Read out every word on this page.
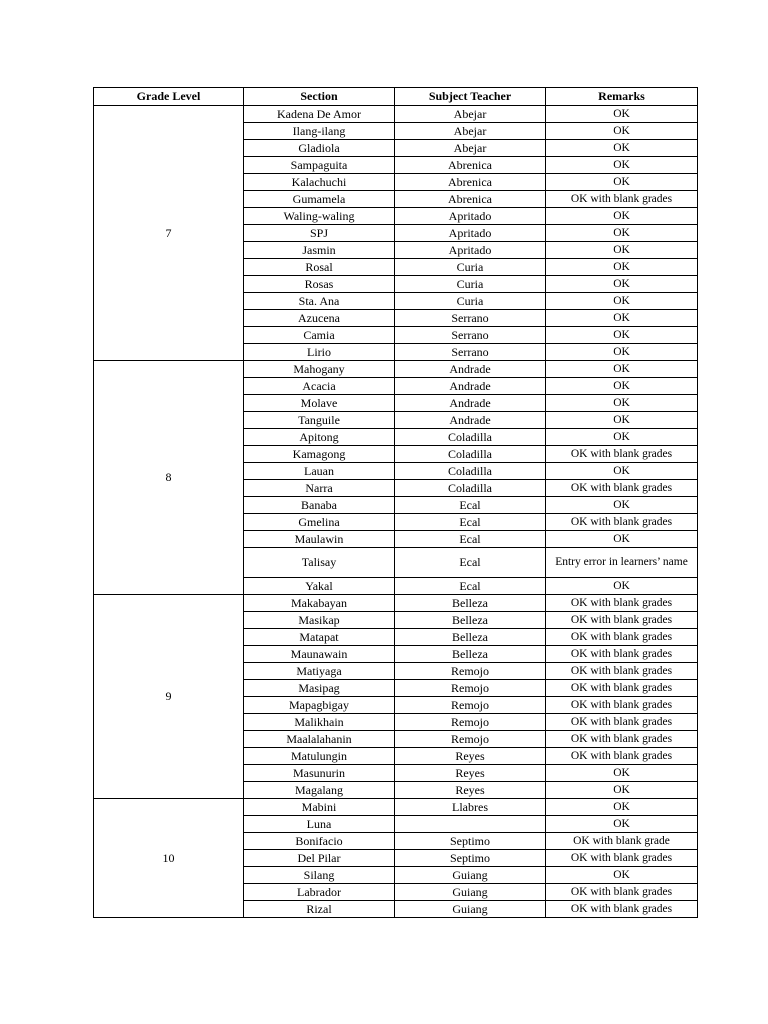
Grade Level	Section	Subject Teacher	Remarks
7	Kadena De Amor	Abejar	OK
	Ilang-ilang	Abejar	OK
	Gladiola	Abejar	OK
	Sampaguita	Abrenica	OK
	Kalachuchi	Abrenica	OK
	Gumamela	Abrenica	OK with blank grades
	Waling-waling	Apritado	OK
	SPJ	Apritado	OK
	Jasmin	Apritado	OK
	Rosal	Curia	OK
	Rosas	Curia	OK
	Sta. Ana	Curia	OK
	Azucena	Serrano	OK
	Camia	Serrano	OK
	Lirio	Serrano	OK
8	Mahogany	Andrade	OK
	Acacia	Andrade	OK
	Molave	Andrade	OK
	Tanguile	Andrade	OK
	Apitong	Coladilla	OK
	Kamagong	Coladilla	OK with blank grades
	Lauan	Coladilla	OK
	Narra	Coladilla	OK with blank grades
	Banaba	Ecal	OK
	Gmelina	Ecal	OK with blank grades
	Maulawin	Ecal	OK
	Talisay	Ecal	Entry error in learners’ name
	Yakal	Ecal	OK
9	Makabayan	Belleza	OK with blank grades
	Masikap	Belleza	OK with blank grades
	Matapat	Belleza	OK with blank grades
	Maunawain	Belleza	OK with blank grades
	Matiyaga	Remojo	OK with blank grades
	Masipag	Remojo	OK with blank grades
	Mapagbigay	Remojo	OK with blank grades
	Malikhain	Remojo	OK with blank grades
	Maalalahanin	Remojo	OK with blank grades
	Matulungin	Reyes	OK with blank grades
	Masunurin	Reyes	OK
	Magalang	Reyes	OK
10	Mabini	Llabres	OK
	Luna		OK
	Bonifacio	Septimo	OK with blank grade
	Del Pilar	Septimo	OK with blank grades
	Silang	Guiang	OK
	Labrador	Guiang	OK with blank grades
	Rizal	Guiang	OK with blank grades
